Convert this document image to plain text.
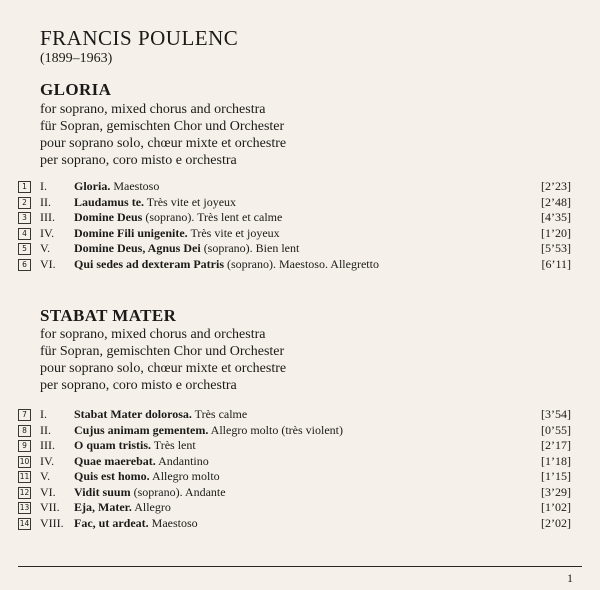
FRANCIS POULENC
(1899–1963)
GLORIA
for soprano, mixed chorus and orchestra
für Sopran, gemischten Chor und Orchester
pour soprano solo, chœur mixte et orchestre
per soprano, coro misto e orchestra
1	I. Gloria. Maestoso	[2’23]
2	II. Laudamus te. Très vite et joyeux	[2’48]
3	III. Domine Deus (soprano). Très lent et calme	[4’35]
4	IV. Domine Fili unigenite. Très vite et joyeux	[1’20]
5	V. Domine Deus, Agnus Dei (soprano). Bien lent	[5’53]
6	VI. Qui sedes ad dexteram Patris (soprano). Maestoso. Allegretto	[6’11]
STABAT MATER
for soprano, mixed chorus and orchestra
für Sopran, gemischten Chor und Orchester
pour soprano solo, chœur mixte et orchestre
per soprano, coro misto e orchestra
7	I. Stabat Mater dolorosa. Très calme	[3’54]
8	II. Cujus animam gementem. Allegro molto (très violent)	[0’55]
9	III. O quam tristis. Très lent	[2’17]
10 IV. Quae maerebat. Andantino	[1’18]
11 V. Quis est homo. Allegro molto	[1’15]
12 VI. Vidit suum (soprano). Andante	[3’29]
13 VII. Eja, Mater. Allegro	[1’02]
14 VIII. Fac, ut ardeat. Maestoso	[2’02]
1
